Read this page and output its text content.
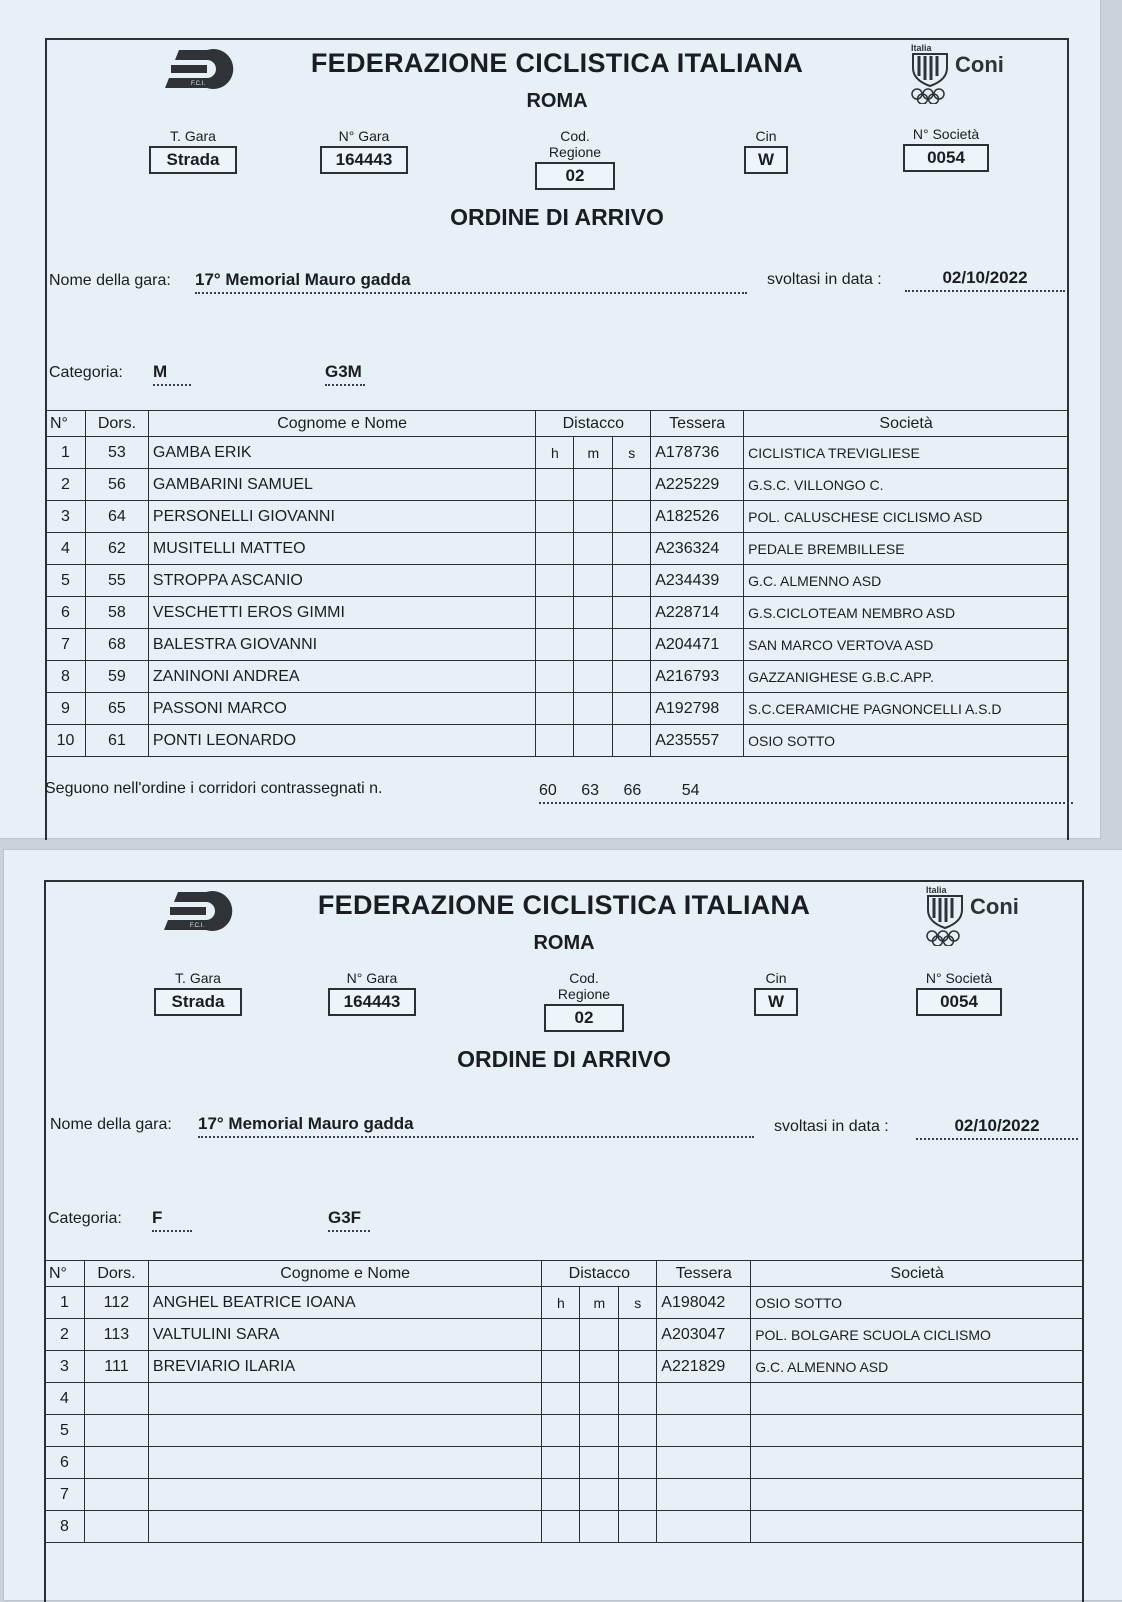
F.C.I.
FEDERAZIONE CICLISTICA ITALIANA
ROMA
Italia
Coni
T. Gara
Strada
N° Gara
164443
Cod. Regione
02
Cin
W
N° Società
0054
ORDINE DI ARRIVO
Nome della gara: 17° Memorial Mauro gadda	svoltasi in data :	02/10/2022
Categoria: M	G3M
N°	Dors.	Cognome e Nome	Distacco			Tessera	Società
1	53	GAMBA ERIK	h	m	s	A178736	CICLISTICA TREVIGLIESE
2	56	GAMBARINI SAMUEL				A225229	G.S.C. VILLONGO C.
3	64	PERSONELLI GIOVANNI				A182526	POL. CALUSCHESE CICLISMO ASD
4	62	MUSITELLI MATTEO				A236324	PEDALE BREMBILLESE
5	55	STROPPA ASCANIO				A234439	G.C. ALMENNO ASD
6	58	VESCHETTI EROS GIMMI				A228714	G.S.CICLOTEAM NEMBRO ASD
7	68	BALESTRA GIOVANNI				A204471	SAN MARCO VERTOVA ASD
8	59	ZANINONI ANDREA				A216793	GAZZANIGHESE G.B.C.APP.
9	65	PASSONI MARCO				A192798	S.C.CERAMICHE PAGNONCELLI A.S.D
10	61	PONTI LEONARDO				A235557	OSIO SOTTO
Seguono nell'ordine i corridori contrassegnati n.	60 63 66	54
F.C.I.
FEDERAZIONE CICLISTICA ITALIANA
ROMA
Italia
Coni
T. Gara
Strada
N° Gara
164443
Cod. Regione
02
Cin
W
N° Società
0054
ORDINE DI ARRIVO
Nome della gara: 17° Memorial Mauro gadda	svoltasi in data :	02/10/2022
Categoria: F	G3F
N°	Dors.	Cognome e Nome	Distacco			Tessera	Società
1	112	ANGHEL BEATRICE IOANA	h	m	s	A198042	OSIO SOTTO
2	113	VALTULINI SARA				A203047	POL. BOLGARE SCUOLA CICLISMO
3	111	BREVIARIO ILARIA				A221829	G.C. ALMENNO ASD
4							
5							
6							
7							
8							
